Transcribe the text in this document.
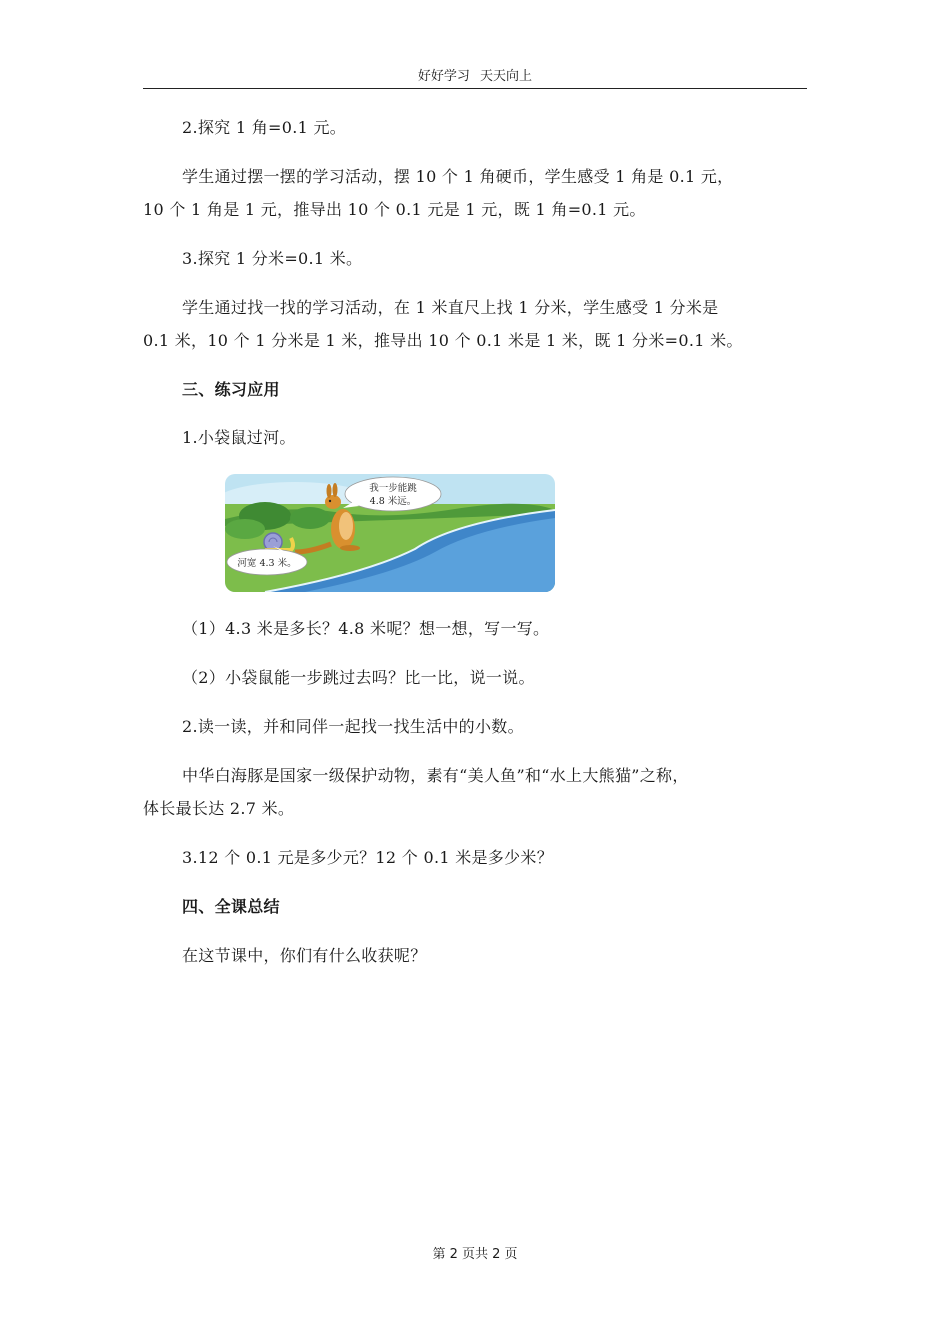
好好学习 天天向上
2.探究 1 角=0.1 元。
学生通过摆一摆的学习活动，摆 10 个 1 角硬币，学生感受 1 角是 0.1 元，
10 个 1 角是 1 元，推导出 10 个 0.1 元是 1 元，既 1 角=0.1 元。
3.探究 1 分米=0.1 米。
学生通过找一找的学习活动，在 1 米直尺上找 1 分米，学生感受 1 分米是
0.1 米，10 个 1 分米是 1 米，推导出 10 个 0.1 米是 1 米，既 1 分米=0.1 米。
三、练习应用
1.小袋鼠过河。
我一步能跳
4.8 米远。
河宽 4.3 米。
（1）4.3 米是多长？4.8 米呢？想一想，写一写。
（2）小袋鼠能一步跳过去吗？比一比，说一说。
2.读一读，并和同伴一起找一找生活中的小数。
中华白海豚是国家一级保护动物，素有“美人鱼”和“水上大熊猫”之称，
体长最长达 2.7 米。
3.12 个 0.1 元是多少元？12 个 0.1 米是多少米？
四、全课总结
在这节课中，你们有什么收获呢？
第 2 页共 2 页
